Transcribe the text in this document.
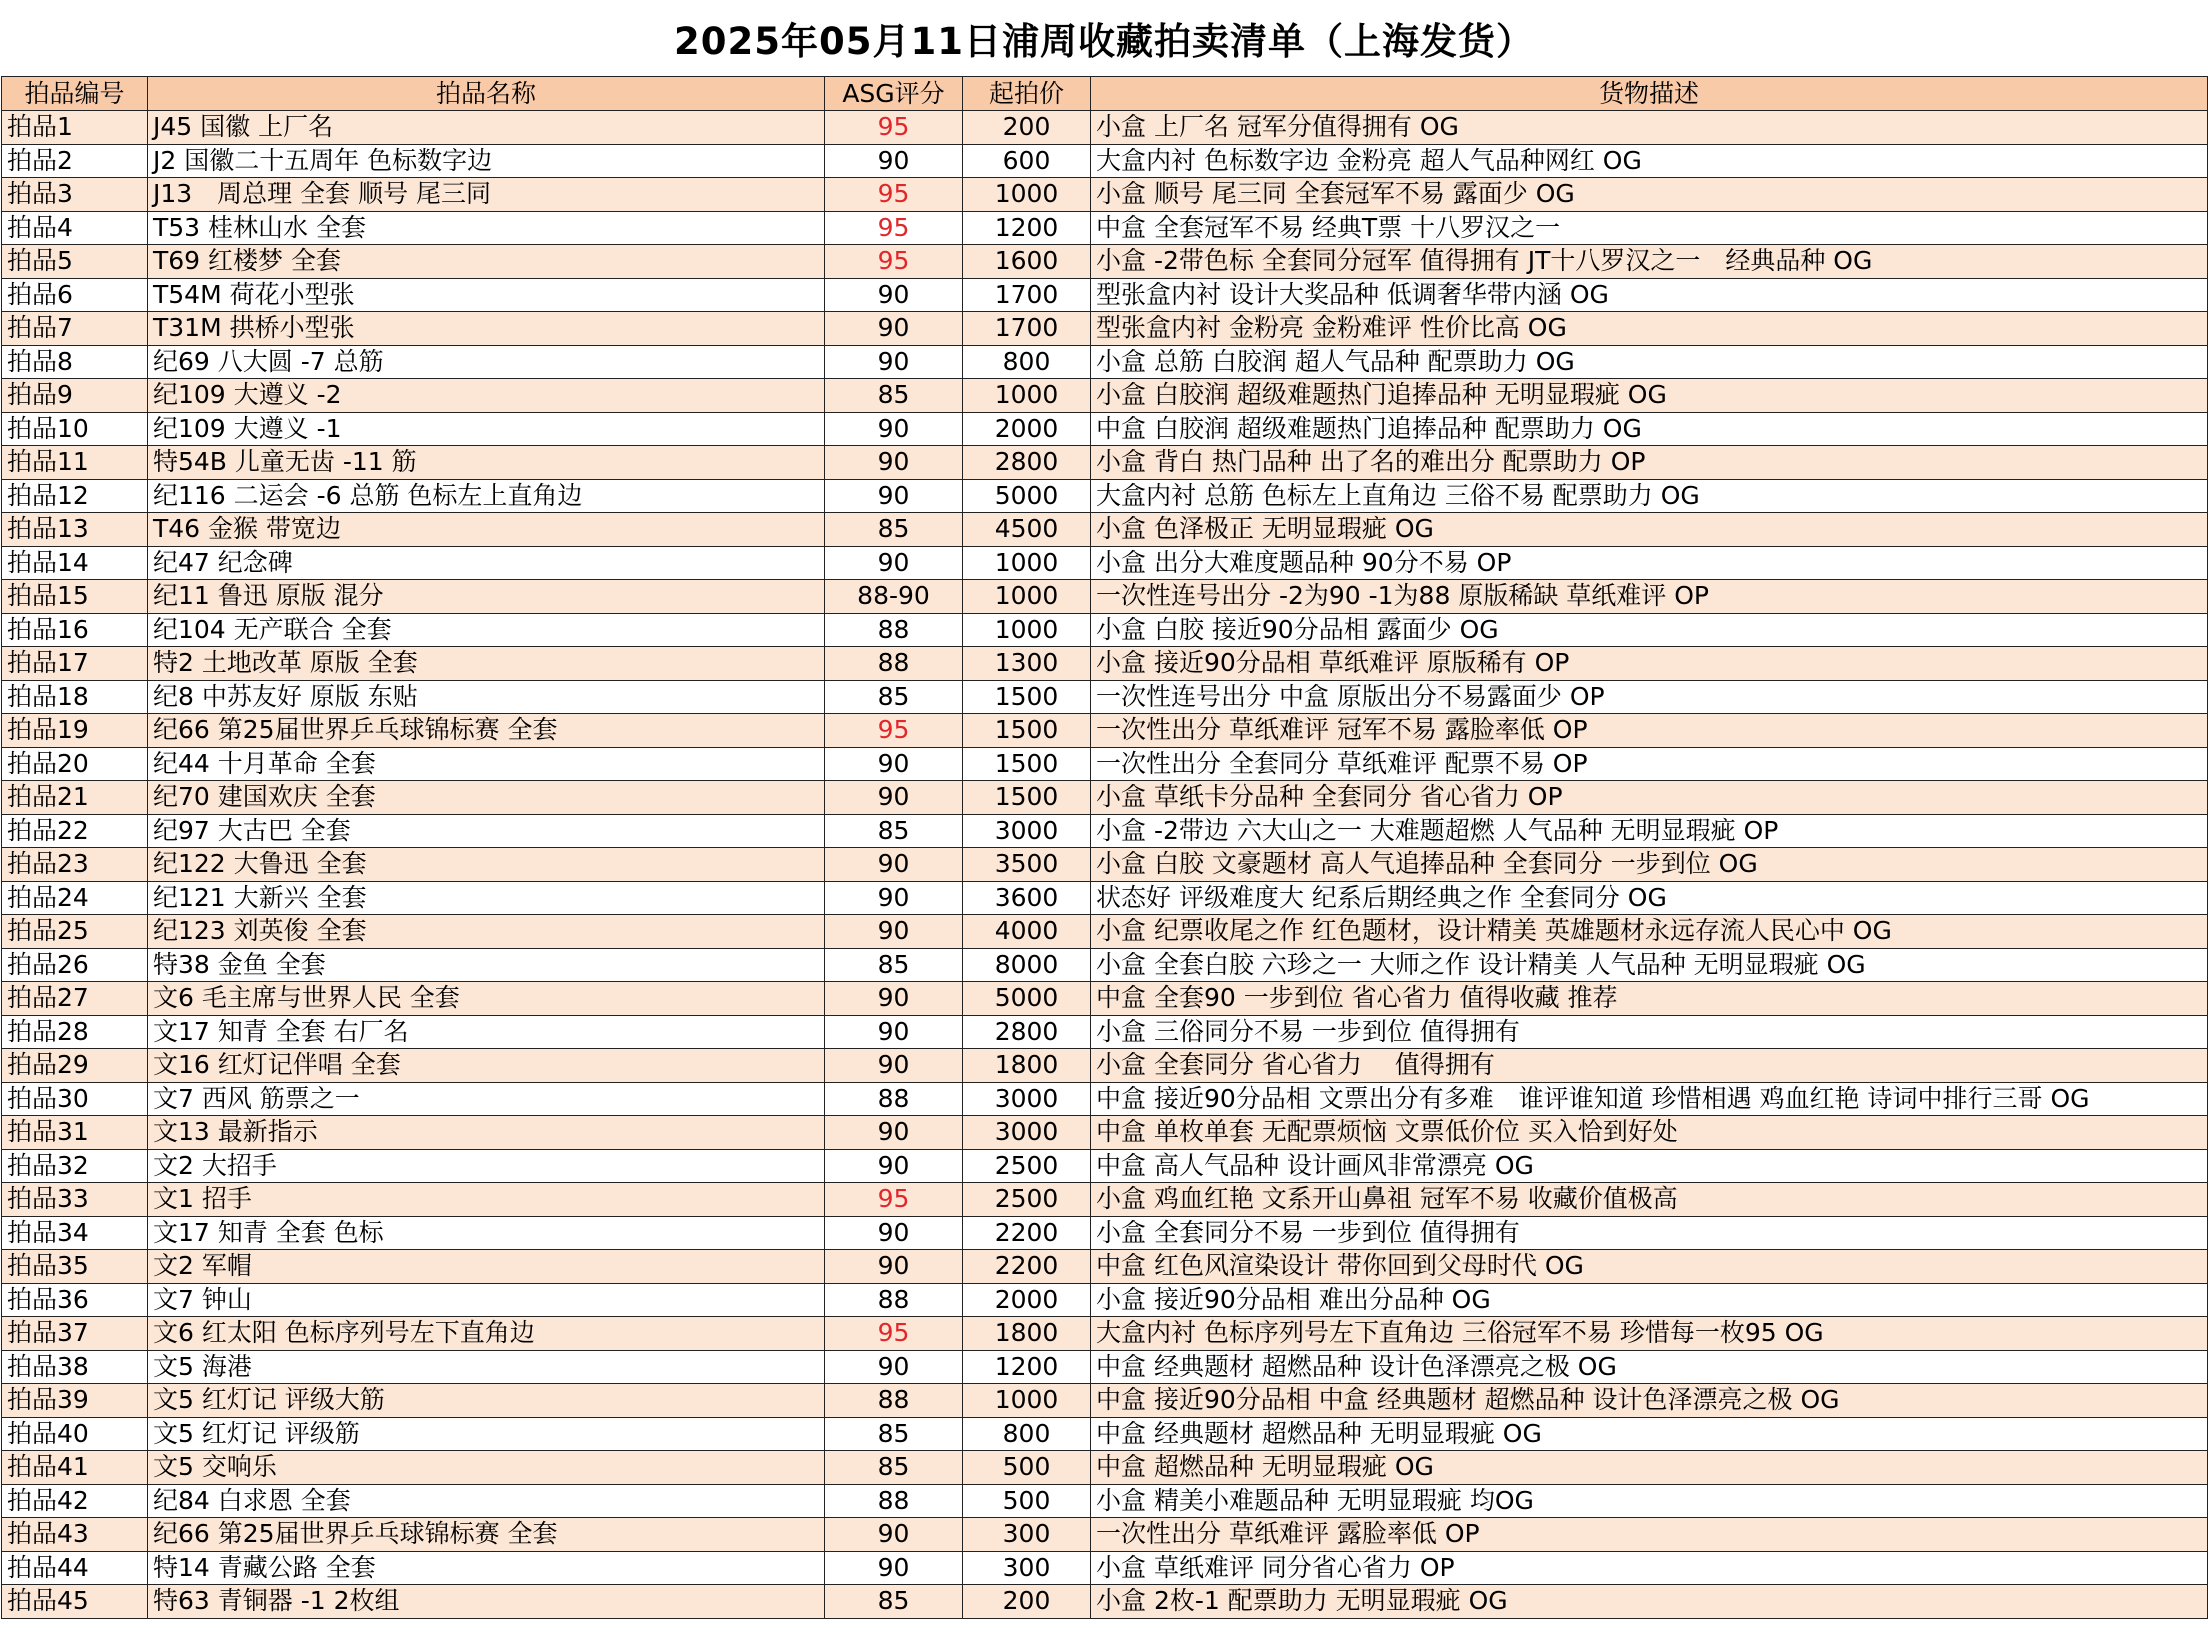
2025年05月11日浦周收藏拍卖清单（上海发货）
拍品编号	拍品名称	ASG评分	起拍价	货物描述
拍品1	J45 国徽 上厂名	95	200	小盒 上厂名 冠军分值得拥有 OG
拍品2	J2 国徽二十五周年 色标数字边	90	600	大盒内衬 色标数字边 金粉亮 超人气品种网红 OG
拍品3	J13　周总理 全套 顺号 尾三同	95	1000	小盒 顺号 尾三同 全套冠军不易 露面少 OG
拍品4	T53 桂林山水 全套	95	1200	中盒 全套冠军不易 经典T票 十八罗汉之一
拍品5	T69 红楼梦 全套	95	1600	小盒 -2带色标 全套同分冠军 值得拥有 JT十八罗汉之一　经典品种 OG
拍品6	T54M 荷花小型张	90	1700	型张盒内衬 设计大奖品种 低调奢华带内涵 OG
拍品7	T31M 拱桥小型张	90	1700	型张盒内衬 金粉亮 金粉难评 性价比高 OG
拍品8	纪69 八大圆 -7 总筋	90	800	小盒 总筋 白胶润 超人气品种 配票助力 OG
拍品9	纪109 大遵义 -2	85	1000	小盒 白胶润 超级难题热门追捧品种 无明显瑕疵 OG
拍品10	纪109 大遵义 -1	90	2000	中盒 白胶润 超级难题热门追捧品种 配票助力 OG
拍品11	特54B 儿童无齿 -11 筋	90	2800	小盒 背白 热门品种 出了名的难出分 配票助力 OP
拍品12	纪116 二运会 -6 总筋 色标左上直角边	90	5000	大盒内衬 总筋 色标左上直角边 三俗不易 配票助力 OG
拍品13	T46 金猴 带宽边	85	4500	小盒 色泽极正 无明显瑕疵 OG
拍品14	纪47 纪念碑	90	1000	小盒 出分大难度题品种 90分不易 OP
拍品15	纪11 鲁迅 原版 混分	88-90	1000	一次性连号出分 -2为90 -1为88 原版稀缺 草纸难评 OP
拍品16	纪104 无产联合 全套	88	1000	小盒 白胶 接近90分品相 露面少 OG
拍品17	特2 土地改革 原版 全套	88	1300	小盒 接近90分品相 草纸难评 原版稀有 OP
拍品18	纪8 中苏友好 原版 东贴	85	1500	一次性连号出分 中盒 原版出分不易露面少 OP
拍品19	纪66 第25届世界乒乓球锦标赛 全套	95	1500	一次性出分 草纸难评 冠军不易 露脸率低 OP
拍品20	纪44 十月革命 全套	90	1500	一次性出分 全套同分 草纸难评 配票不易 OP
拍品21	纪70 建国欢庆 全套	90	1500	小盒 草纸卡分品种 全套同分 省心省力 OP
拍品22	纪97 大古巴 全套	85	3000	小盒 -2带边 六大山之一 大难题超燃 人气品种 无明显瑕疵 OP
拍品23	纪122 大鲁迅 全套	90	3500	小盒 白胶 文豪题材 高人气追捧品种 全套同分 一步到位 OG
拍品24	纪121 大新兴 全套	90	3600	状态好 评级难度大 纪系后期经典之作 全套同分 OG
拍品25	纪123 刘英俊 全套	90	4000	小盒 纪票收尾之作 红色题材，设计精美 英雄题材永远存流人民心中 OG
拍品26	特38 金鱼 全套	85	8000	小盒 全套白胶 六珍之一 大师之作 设计精美 人气品种 无明显瑕疵 OG
拍品27	文6 毛主席与世界人民 全套	90	5000	中盒 全套90 一步到位 省心省力 值得收藏 推荐
拍品28	文17 知青 全套 右厂名	90	2800	小盒 三俗同分不易 一步到位 值得拥有
拍品29	文16 红灯记伴唱 全套	90	1800	小盒 全套同分 省心省力　 值得拥有
拍品30	文7 西风 筋票之一	88	3000	中盒 接近90分品相 文票出分有多难　谁评谁知道 珍惜相遇 鸡血红艳 诗词中排行三哥 OG
拍品31	文13 最新指示	90	3000	中盒 单枚单套 无配票烦恼 文票低价位 买入恰到好处
拍品32	文2 大招手	90	2500	中盒 高人气品种 设计画风非常漂亮 OG
拍品33	文1 招手	95	2500	小盒 鸡血红艳 文系开山鼻祖 冠军不易 收藏价值极高
拍品34	文17 知青 全套 色标	90	2200	小盒 全套同分不易 一步到位 值得拥有
拍品35	文2 军帽	90	2200	中盒 红色风渲染设计 带你回到父母时代 OG
拍品36	文7 钟山	88	2000	小盒 接近90分品相 难出分品种 OG
拍品37	文6 红太阳 色标序列号左下直角边	95	1800	大盒内衬 色标序列号左下直角边 三俗冠军不易 珍惜每一枚95 OG
拍品38	文5 海港	90	1200	中盒 经典题材 超燃品种 设计色泽漂亮之极 OG
拍品39	文5 红灯记 评级大筋	88	1000	中盒 接近90分品相 中盒 经典题材 超燃品种 设计色泽漂亮之极 OG
拍品40	文5 红灯记 评级筋	85	800	中盒 经典题材 超燃品种 无明显瑕疵 OG
拍品41	文5 交响乐	85	500	中盒 超燃品种 无明显瑕疵 OG
拍品42	纪84 白求恩 全套	88	500	小盒 精美小难题品种 无明显瑕疵 均OG
拍品43	纪66 第25届世界乒乓球锦标赛 全套	90	300	一次性出分 草纸难评 露脸率低 OP
拍品44	特14 青藏公路 全套	90	300	小盒 草纸难评 同分省心省力 OP
拍品45	特63 青铜器 -1 2枚组	85	200	小盒 2枚-1 配票助力 无明显瑕疵 OG
